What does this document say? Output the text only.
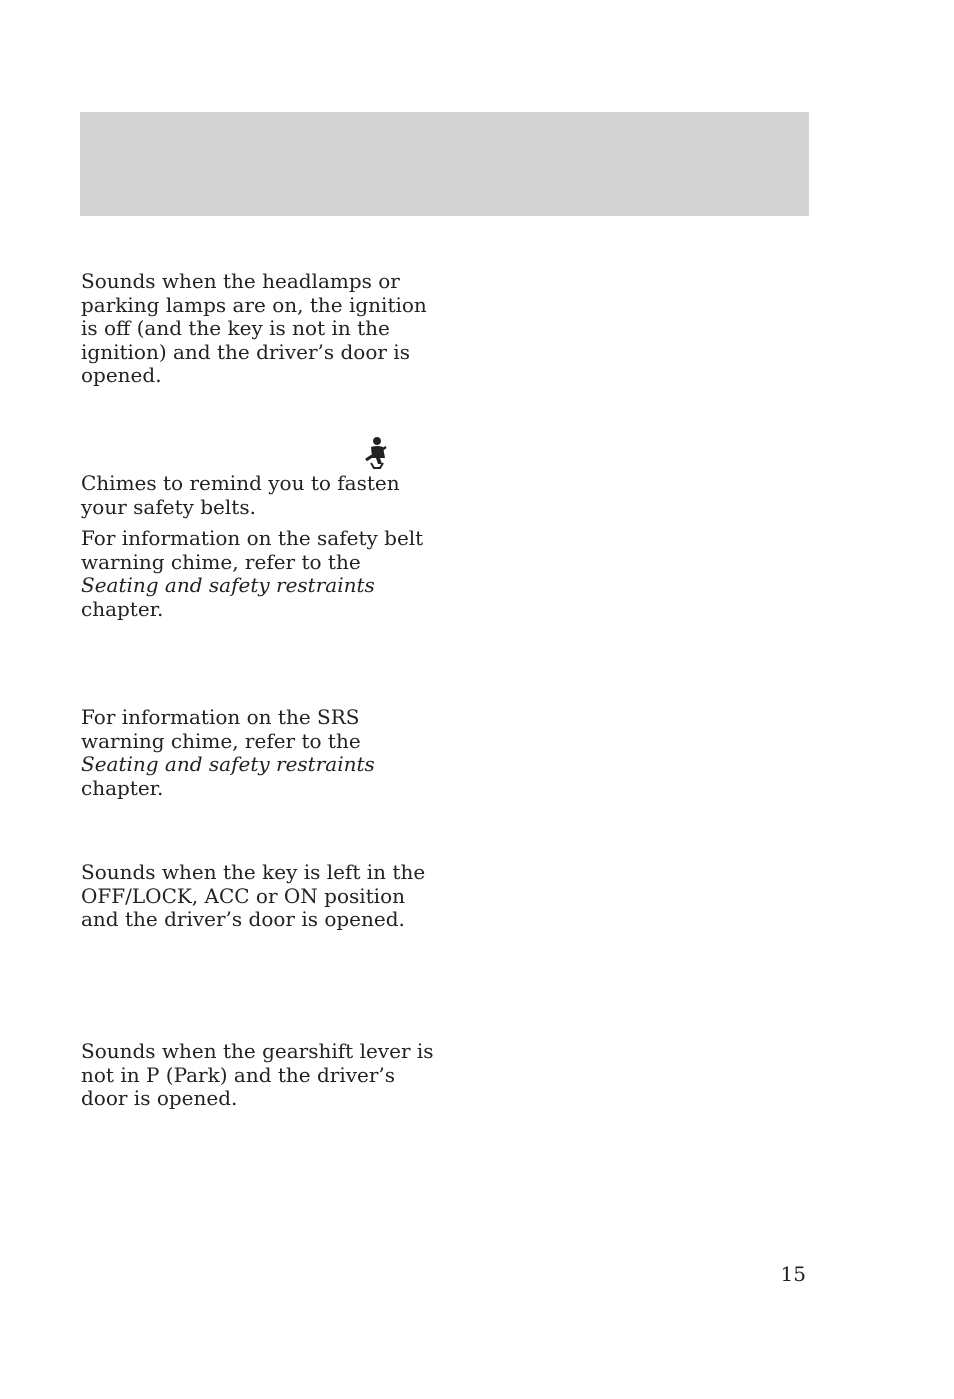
Sounds when the headlamps or parking lamps are on, the ignition is off (and the key is not in the ignition) and the driver’s door is opened.

Chimes to remind you to fasten your safety belts.

For information on the safety belt warning chime, refer to the Seating and safety restraints chapter.

For information on the SRS warning chime, refer to the Seating and safety restraints chapter.

Sounds when the key is left in the OFF/LOCK, ACC or ON position and the driver’s door is opened.

Sounds when the gearshift lever is not in P (Park) and the driver’s door is opened.

15
